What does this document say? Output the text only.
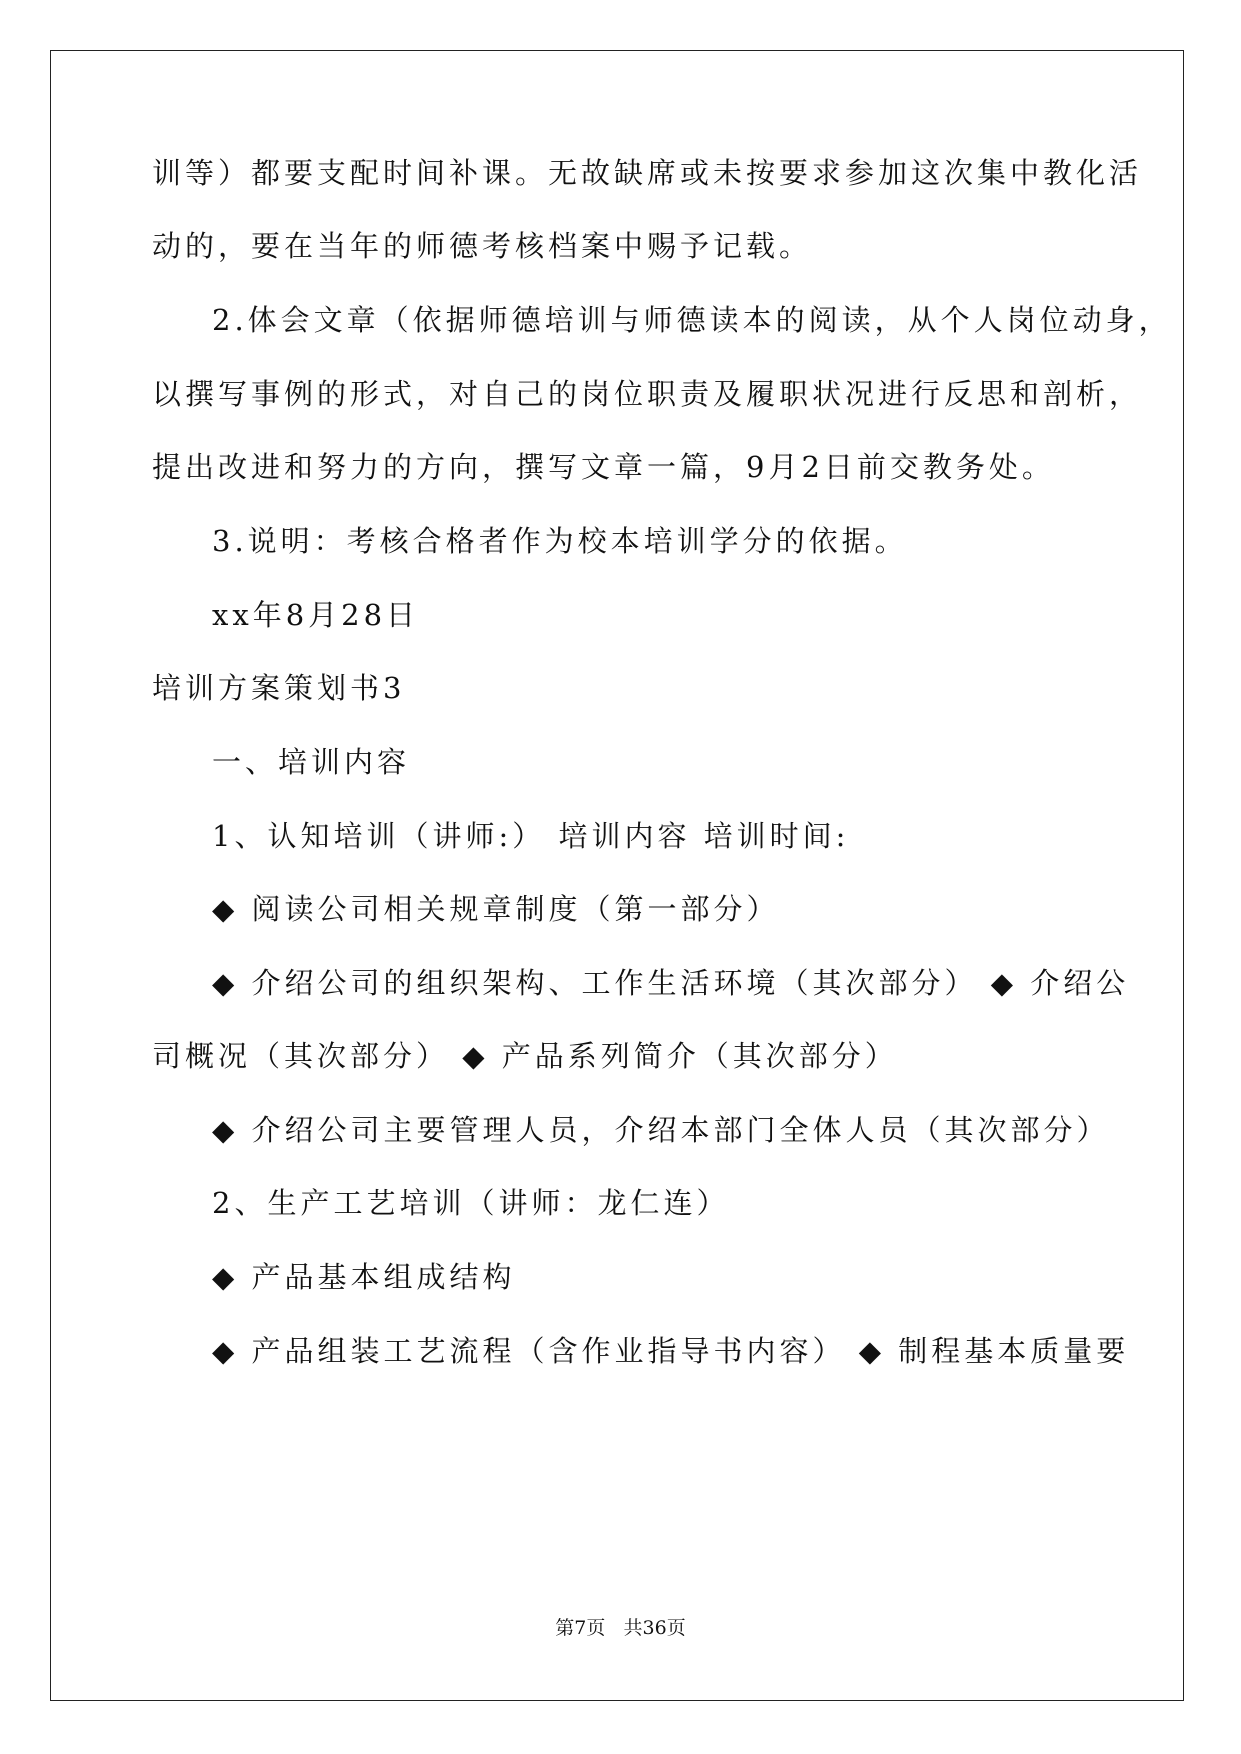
训等）都要支配时间补课。无故缺席或未按要求参加这次集中教化活
动的，要在当年的师德考核档案中赐予记载。
2.体会文章（依据师德培训与师德读本的阅读，从个人岗位动身，
以撰写事例的形式，对自己的岗位职责及履职状况进行反思和剖析，
提出改进和努力的方向，撰写文章一篇，9月2日前交教务处。
3.说明：考核合格者作为校本培训学分的依据。
xx年8月28日
培训方案策划书3
一、培训内容
1、认知培训（讲师:） 培训内容 培训时间:
◆ 阅读公司相关规章制度（第一部分）
◆ 介绍公司的组织架构、工作生活环境（其次部分） ◆ 介绍公
司概况（其次部分） ◆ 产品系列简介（其次部分）
◆ 介绍公司主要管理人员，介绍本部门全体人员（其次部分）
2、生产工艺培训（讲师：龙仁连）
◆ 产品基本组成结构
◆ 产品组装工艺流程（含作业指导书内容） ◆ 制程基本质量要
第7页 共36页
